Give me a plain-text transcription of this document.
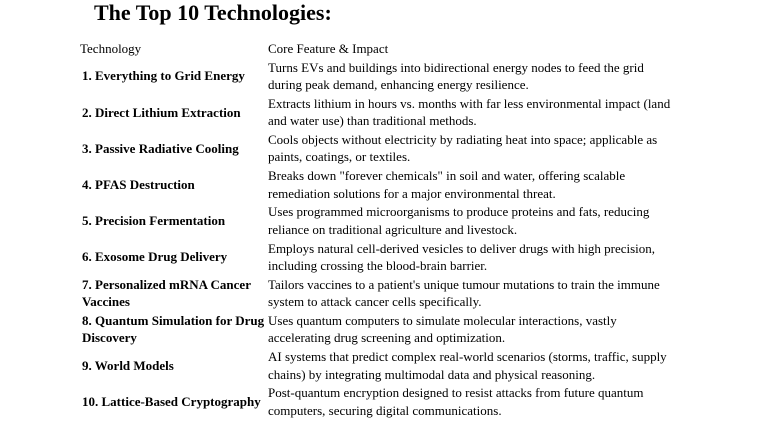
The Top 10 Technologies:
Technology	Core Feature & Impact
1. Everything to Grid Energy	Turns EVs and buildings into bidirectional energy nodes to feed the grid during peak demand, enhancing energy resilience.
2. Direct Lithium Extraction	Extracts lithium in hours vs. months with far less environmental impact (land and water use) than traditional methods.
3. Passive Radiative Cooling	Cools objects without electricity by radiating heat into space; applicable as paints, coatings, or textiles.
4. PFAS Destruction	Breaks down "forever chemicals" in soil and water, offering scalable remediation solutions for a major environmental threat.
5. Precision Fermentation	Uses programmed microorganisms to produce proteins and fats, reducing reliance on traditional agriculture and livestock.
6. Exosome Drug Delivery	Employs natural cell-derived vesicles to deliver drugs with high precision, including crossing the blood-brain barrier.
7. Personalized mRNA Cancer Vaccines	Tailors vaccines to a patient's unique tumour mutations to train the immune system to attack cancer cells specifically.
8. Quantum Simulation for Drug Discovery	Uses quantum computers to simulate molecular interactions, vastly accelerating drug screening and optimization.
9. World Models	AI systems that predict complex real-world scenarios (storms, traffic, supply chains) by integrating multimodal data and physical reasoning.
10. Lattice-Based Cryptography	Post-quantum encryption designed to resist attacks from future quantum computers, securing digital communications.
